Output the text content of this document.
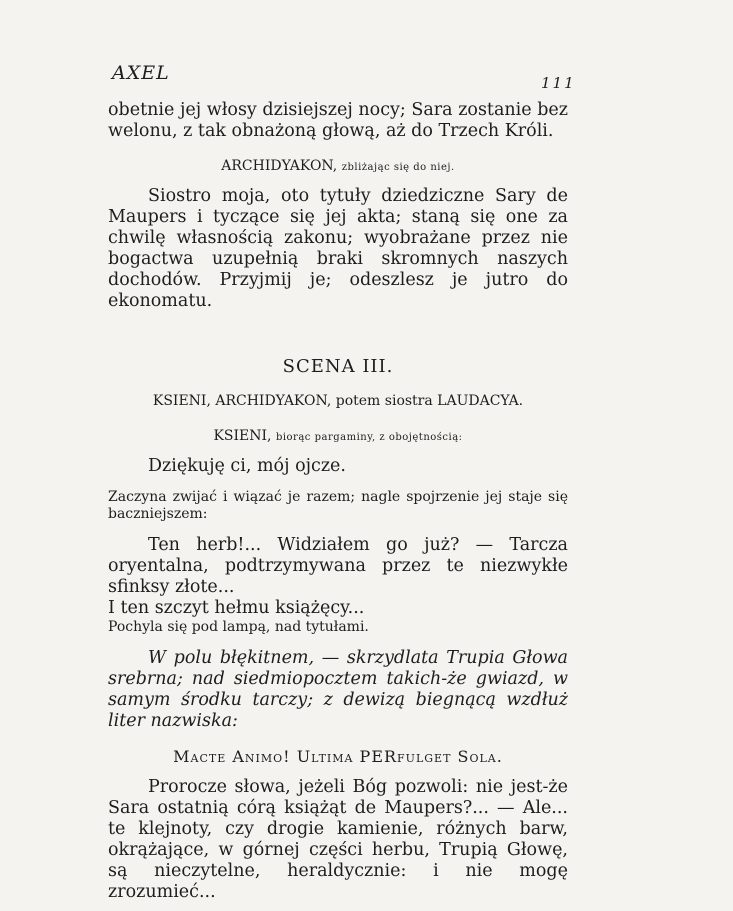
AXEL	111

obetnie jej włosy dzisiejszej nocy; Sara zostanie bez welonu, z tak obnażoną głową, aż do Trzech Króli.

ARCHIDYAKON, zbliżając się do niej.

Siostro moja, oto tytuły dziedziczne Sary de Maupers i tyczące się jej akta; staną się one za chwilę własnością zakonu; wyobrażane przez nie bogactwa uzupełnią braki skromnych naszych dochodów. Przyjmij je; odeszlesz je jutro do ekonomatu.

SCENA III.
KSIENI, ARCHIDYAKON, potem siostra LAUDACYA.
KSIENI, biorąc pargaminy, z obojętnością:

Dziękuję ci, mój ojcze.

Zaczyna zwijać i wiązać je razem; nagle spojrzenie jej staje się baczniejszem:

Ten herb!... Widziałem go już? — Tarcza oryentalna, podtrzymywana przez te niezwykłe sfinksy złote...

I ten szczyt hełmu książęcy...

Pochyla się pod lampą, nad tytułami.

W polu błękitnem, — skrzydlata Trupia Głowa srebrna; nad siedmiopocztem takich-że gwiazd, w samym środku tarczy; z dewizą biegnącą wzdłuż liter nazwiska:

Macte Animo! Ultima PERfulget Sola.

Prorocze słowa, jeżeli Bóg pozwoli: nie jest-że Sara ostatnią córą książąt de Maupers?... — Ale... te klejnoty, czy drogie kamienie, różnych barw, okrążające, w górnej części herbu, Trupią Głowę, są nieczytelne, heraldycznie: i nie mogę zrozumieć...
